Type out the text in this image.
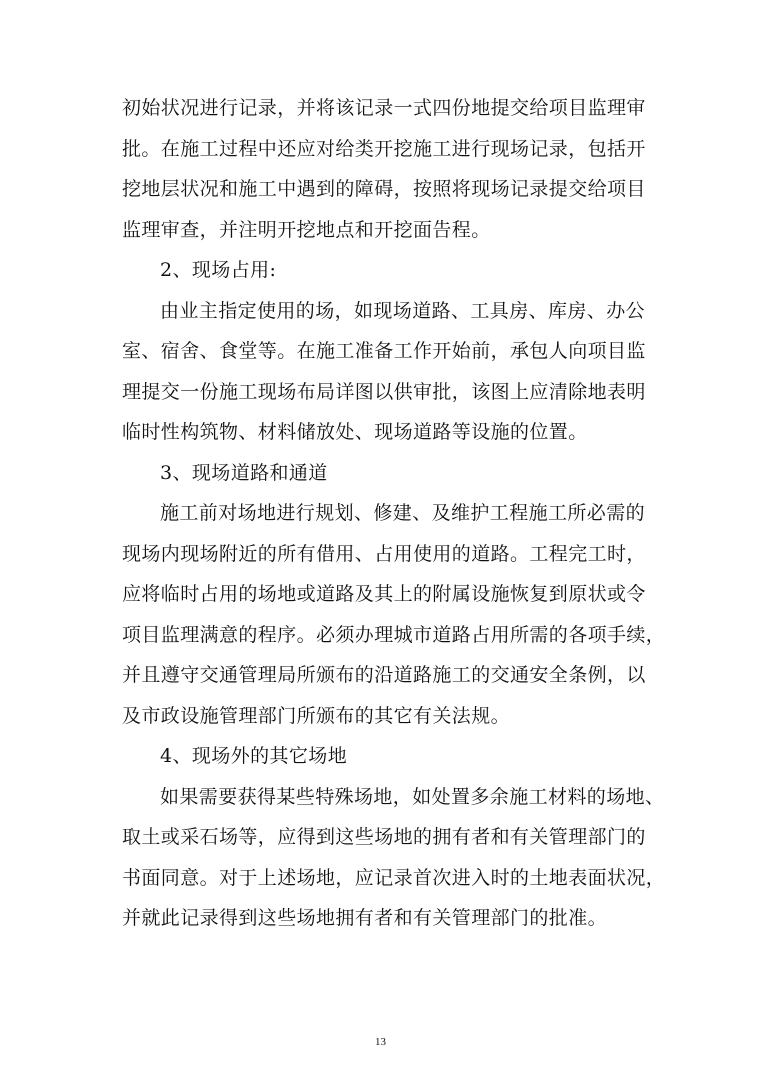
初始状况进行记录，并将该记录一式四份地提交给项目监理审
批。在施工过程中还应对给类开挖施工进行现场记录，包括开
挖地层状况和施工中遇到的障碍，按照将现场记录提交给项目
监理审查，并注明开挖地点和开挖面告程。
2、现场占用:
由业主指定使用的场，如现场道路、工具房、库房、办公
室、宿舍、食堂等。在施工准备工作开始前，承包人向项目监
理提交一份施工现场布局详图以供审批，该图上应清除地表明
临时性构筑物、材料储放处、现场道路等设施的位置。
3、现场道路和通道
施工前对场地进行规划、修建、及维护工程施工所必需的
现场内现场附近的所有借用、占用使用的道路。工程完工时，
应将临时占用的场地或道路及其上的附属设施恢复到原状或令
项目监理满意的程序。必须办理城市道路占用所需的各项手续，
并且遵守交通管理局所颁布的沿道路施工的交通安全条例，以
及市政设施管理部门所颁布的其它有关法规。
4、现场外的其它场地
如果需要获得某些特殊场地，如处置多余施工材料的场地、
取土或采石场等，应得到这些场地的拥有者和有关管理部门的
书面同意。对于上述场地，应记录首次进入时的土地表面状况，
并就此记录得到这些场地拥有者和有关管理部门的批准。
13
